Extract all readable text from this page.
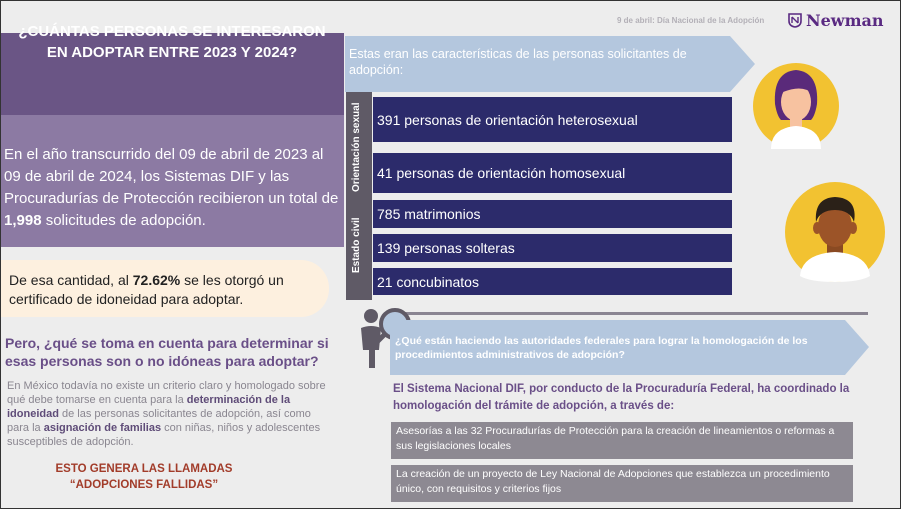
9 de abril: Día Nacional de la Adopción	Newman
¿CUÁNTAS PERSONAS SE INTERESARON EN ADOPTAR ENTRE 2023 Y 2024?
En el año transcurrido del 09 de abril de 2023 al 09 de abril de 2024, los Sistemas DIF y las Procuradurías de Protección recibieron un total de 1,998 solicitudes de adopción.
De esa cantidad, al 72.62% se les otorgó un certificado de idoneidad para adoptar.
Pero, ¿qué se toma en cuenta para determinar si esas personas son o no idóneas para adoptar?
En México todavía no existe un criterio claro y homologado sobre qué debe tomarse en cuenta para la determinación de la idoneidad de las personas solicitantes de adopción, así como para la asignación de familias con niñas, niños y adolescentes susceptibles de adopción.
ESTO GENERA LAS LLAMADAS
“ADOPCIONES FALLIDAS”
Estas eran las características de las personas solicitantes de adopción:
Orientación sexual
Estado civil
391 personas de orientación heterosexual
41 personas de orientación homosexual
785 matrimonios
139 personas solteras
21 concubinatos
¿Qué están haciendo las autoridades federales para lograr la homologación de los procedimientos administrativos de adopción?
El Sistema Nacional DIF, por conducto de la Procuraduría Federal, ha coordinado la homologación del trámite de adopción, a través de:
Asesorías a las 32 Procuradurías de Protección para la creación de lineamientos o reformas a sus legislaciones locales
La creación de un proyecto de Ley Nacional de Adopciones que establezca un procedimiento único, con requisitos y criterios fijos
